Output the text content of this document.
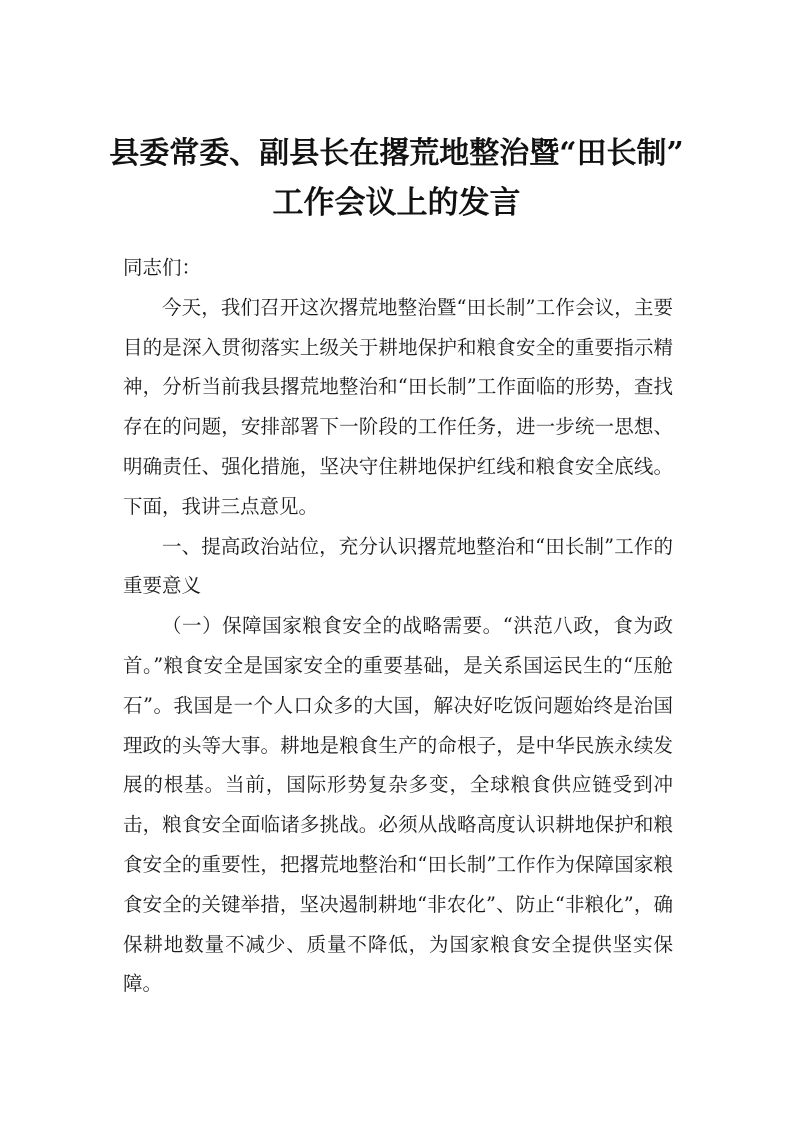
县委常委、副县长在撂荒地整治暨“田长制”
工作会议上的发言

同志们：

今天，我们召开这次撂荒地整治暨“田长制”工作会议，主要目的是深入贯彻落实上级关于耕地保护和粮食安全的重要指示精神，分析当前我县撂荒地整治和“田长制”工作面临的形势，查找存在的问题，安排部署下一阶段的工作任务，进一步统一思想、明确责任、强化措施，坚决守住耕地保护红线和粮食安全底线。下面，我讲三点意见。

一、提高政治站位，充分认识撂荒地整治和“田长制”工作的重要意义

（一）保障国家粮食安全的战略需要。“洪范八政，食为政首。”粮食安全是国家安全的重要基础，是关系国运民生的“压舱石”。我国是一个人口众多的大国，解决好吃饭问题始终是治国理政的头等大事。耕地是粮食生产的命根子，是中华民族永续发展的根基。当前，国际形势复杂多变，全球粮食供应链受到冲击，粮食安全面临诸多挑战。必须从战略高度认识耕地保护和粮食安全的重要性，把撂荒地整治和“田长制”工作作为保障国家粮食安全的关键举措，坚决遏制耕地“非农化”、防止“非粮化”，确保耕地数量不减少、质量不降低，为国家粮食安全提供坚实保障。
